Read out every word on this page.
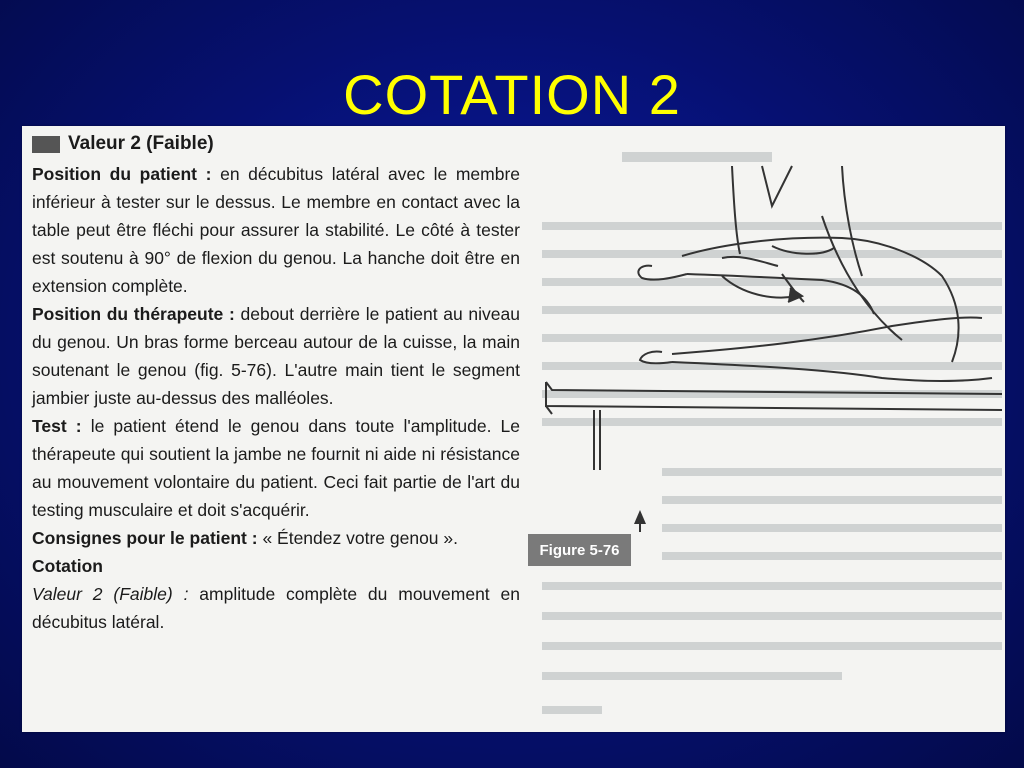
COTATION 2
Valeur 2 (Faible)

Position du patient : en décubitus latéral avec le membre inférieur à tester sur le dessus. Le membre en contact avec la table peut être fléchi pour assurer la stabilité. Le côté à tester est soutenu à 90° de flexion du genou. La hanche doit être en extension complète.

Position du thérapeute : debout derrière le patient au niveau du genou. Un bras forme berceau autour de la cuisse, la main soutenant le genou (fig. 5-76). L'autre main tient le segment jambier juste au-dessus des malléoles.

Test : le patient étend le genou dans toute l'amplitude. Le thérapeute qui soutient la jambe ne fournit ni aide ni résistance au mouvement volontaire du patient. Ceci fait partie de l'art du testing musculaire et doit s'acquérir.

Consignes pour le patient : « Étendez votre genou ».

Cotation

Valeur 2 (Faible) : amplitude complète du mouvement en décubitus latéral.

Figure 5-76
